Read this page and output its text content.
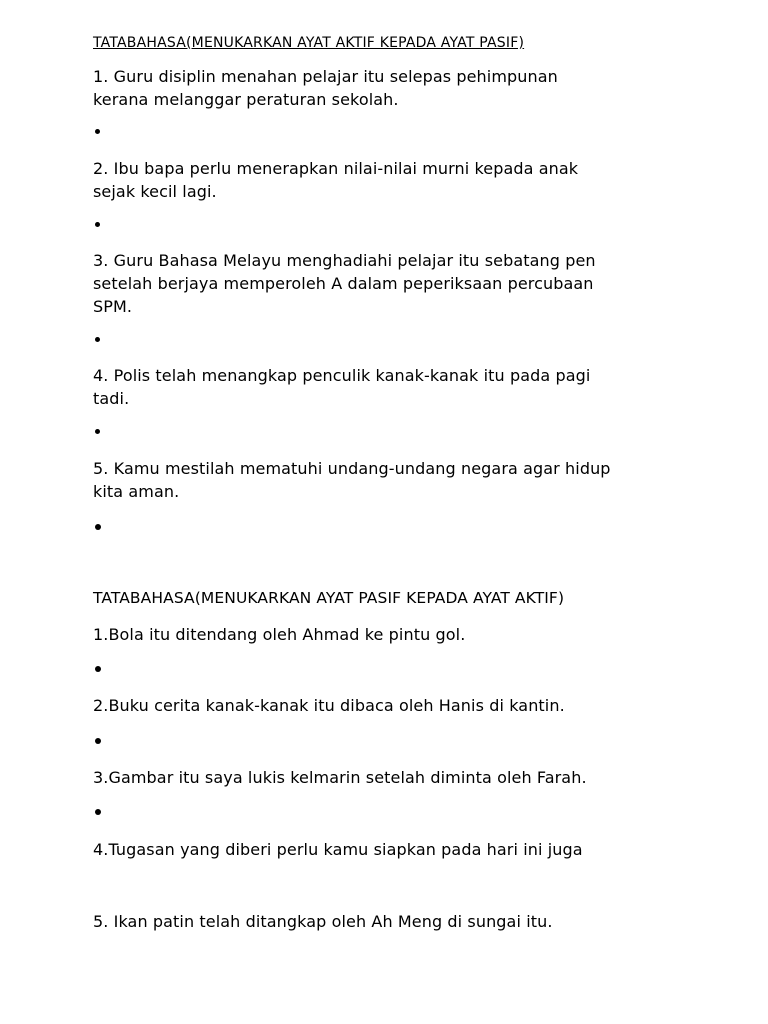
TATABAHASA(MENUKARKAN AYAT AKTIF KEPADA AYAT PASIF)

1. Guru disiplin menahan pelajar itu selepas pehimpunan

kerana melanggar peraturan sekolah.

2. Ibu bapa perlu menerapkan nilai-nilai murni kepada anak

sejak kecil lagi.

3. Guru Bahasa Melayu menghadiahi pelajar itu sebatang pen

setelah berjaya memperoleh A dalam peperiksaan percubaan

SPM.

4. Polis telah menangkap penculik kanak-kanak itu pada pagi

tadi.

5. Kamu mestilah mematuhi undang-undang negara agar hidup

kita aman.

TATABAHASA(MENUKARKAN AYAT PASIF KEPADA AYAT AKTIF)

1.Bola itu ditendang oleh Ahmad ke pintu gol.

2.Buku cerita kanak-kanak itu dibaca oleh Hanis di kantin.

3.Gambar itu saya lukis kelmarin setelah diminta oleh Farah.

4.Tugasan yang diberi perlu kamu siapkan pada hari ini juga

5. Ikan patin telah ditangkap oleh Ah Meng di sungai itu.
